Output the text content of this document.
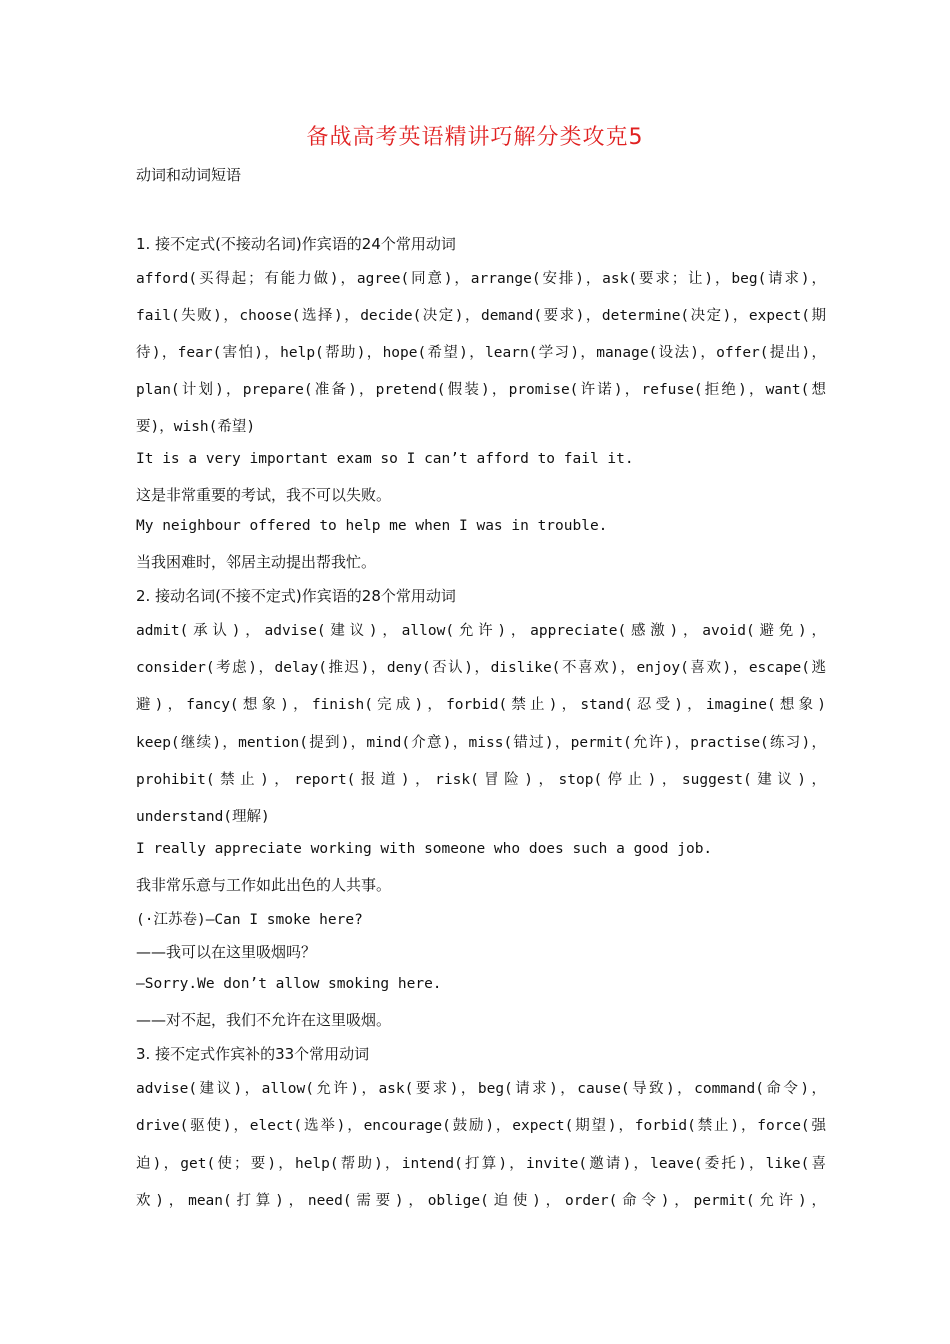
备战高考英语精讲巧解分类攻克5
动词和动词短语
1. 接不定式(不接动名词)作宾语的24个常用动词
afford(买得起；有能力做)，agree(同意)，arrange(安排)，ask(要求；让)，beg(请求)，
fail(失败)，choose(选择)，decide(决定)，demand(要求)，determine(决定)，expect(期
待)，fear(害怕)，help(帮助)，hope(希望)，learn(学习)，manage(设法)，offer(提出)，
plan(计划)，prepare(准备)，pretend(假装)，promise(许诺)，refuse(拒绝)，want(想
要)，wish(希望)
It is a very important exam so I can’t afford to fail it.
这是非常重要的考试，我不可以失败。
My neighbour offered to help me when I was in trouble.
当我困难时，邻居主动提出帮我忙。
2. 接动名词(不接不定式)作宾语的28个常用动词
admit(承认)，advise(建议)，allow(允许)，appreciate(感激)，avoid(避免)，
consider(考虑)，delay(推迟)，deny(否认)，dislike(不喜欢)，enjoy(喜欢)，escape(逃
避)，fancy(想象)，finish(完成)，forbid(禁止)，stand(忍受)，imagine(想象)
keep(继续)，mention(提到)，mind(介意)，miss(错过)，permit(允许)，practise(练习)，
prohibit(禁止)，report(报道)，risk(冒险)，stop(停止)，suggest(建议)，
understand(理解)
I really appreciate working with someone who does such a good job.
我非常乐意与工作如此出色的人共事。
(·江苏卷)—Can I smoke here?
——我可以在这里吸烟吗？
—Sorry.We don’t allow smoking here.
——对不起，我们不允许在这里吸烟。
3. 接不定式作宾补的33个常用动词
advise(建议)，allow(允许)，ask(要求)，beg(请求)，cause(导致)，command(命令)，
drive(驱使)，elect(选举)，encourage(鼓励)，expect(期望)，forbid(禁止)，force(强
迫)，get(使；要)，help(帮助)，intend(打算)，invite(邀请)，leave(委托)，like(喜
欢)，mean(打算)，need(需要)，oblige(迫使)，order(命令)，permit(允许)，
